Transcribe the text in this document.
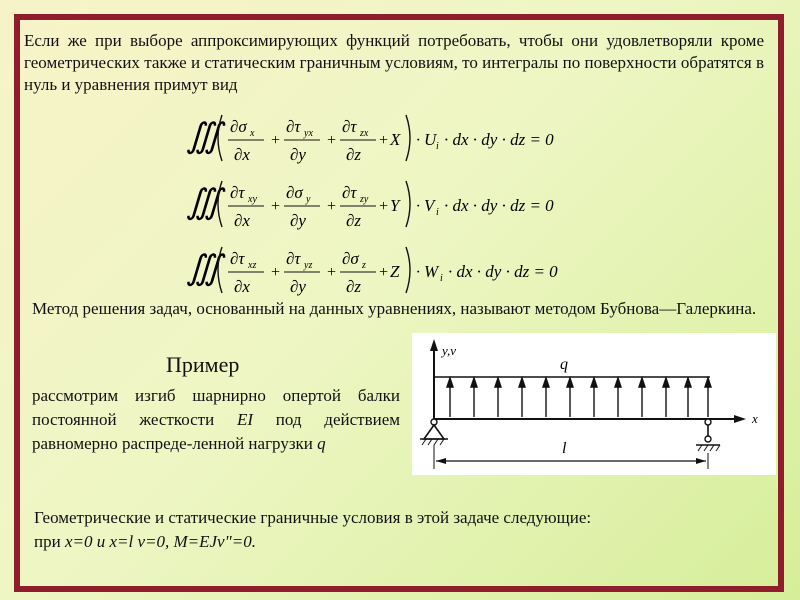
Если же при выборе аппроксимирующих функций потребовать, чтобы они удовлетворяли кроме геометрических также и статическим граничным условиям, то интегралы по поверхности обратятся в нуль и уравнения примут вид
∭ ∂σ x
∂x
+
∂τ yx
∂y
+
∂τ zx
∂z
+ X · U i · dx · dy · dz = 0
∭ ∂τ xy
∂x
+
∂σ y
∂y
+
∂τ zy
∂z
+ Y · V i · dx · dy · dz = 0
∭ ∂τ xz
∂x
+
∂τ yz
∂y
+
∂σ z
∂z
+ Z · W i · dx · dy · dz = 0
Метод решения задач, основанный на данных уравнениях, называют методом Бубнова—Галеркина.
Пример
рассмотрим изгиб шарнирно опертой балки постоянной жесткости EI под действием равномерно распреде-ленной нагрузки q
y,v
q
x
l
Геометрические и статические граничные условия в этой задаче следующие:
при x=0 и x=l v=0, M=EJv"=0.
